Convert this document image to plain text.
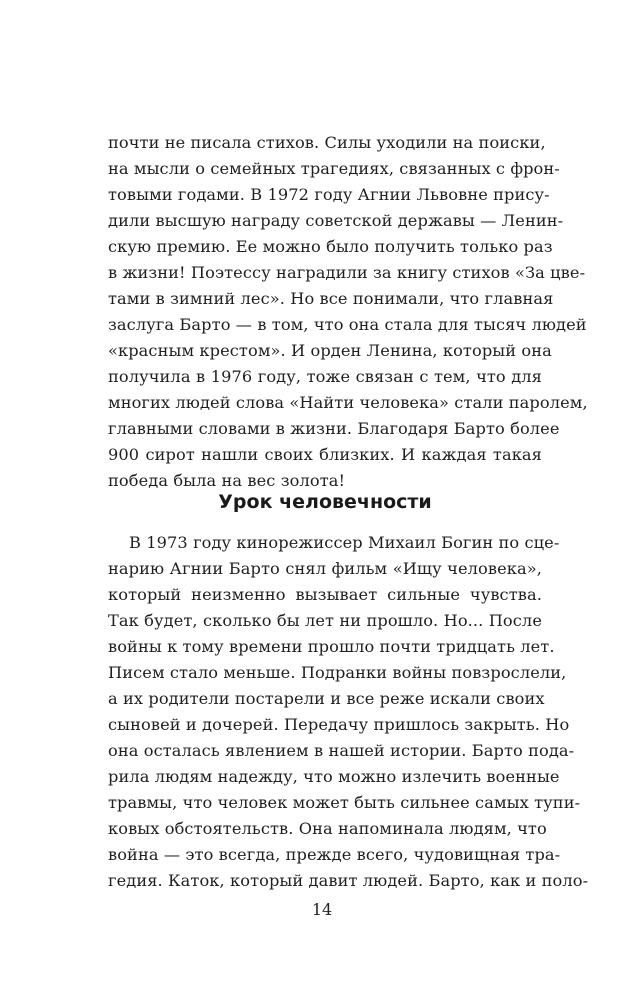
почти не писала стихов. Силы уходили на поиски,
на мысли о семейных трагедиях, связанных с фрон-
товыми годами. В 1972 году Агнии Львовне прису-
дили высшую награду советской державы — Ленин-
скую премию. Ее можно было получить только раз
в жизни! Поэтессу наградили за книгу стихов «За цве-
тами в зимний лес». Но все понимали, что главная
заслуга Барто — в том, что она стала для тысяч людей
«красным крестом». И орден Ленина, который она
получила в 1976 году, тоже связан с тем, что для
многих людей слова «Найти человека» стали паролем,
главными словами в жизни. Благодаря Барто более
900 сирот нашли своих близких. И каждая такая
победа была на вес золота!
Урок человечности
В 1973 году кинорежиссер Михаил Богин по сце-
нарию Агнии Барто снял фильм «Ищу человека»,
который неизменно вызывает сильные чувства.
Так будет, сколько бы лет ни прошло. Но... После
войны к тому времени прошло почти тридцать лет.
Писем стало меньше. Подранки войны повзрослели,
а их родители постарели и все реже искали своих
сыновей и дочерей. Передачу пришлось закрыть. Но
она осталась явлением в нашей истории. Барто пода-
рила людям надежду, что можно излечить военные
травмы, что человек может быть сильнее самых тупи-
ковых обстоятельств. Она напоминала людям, что
война — это всегда, прежде всего, чудовищная тра-
гедия. Каток, который давит людей. Барто, как и поло-
14
